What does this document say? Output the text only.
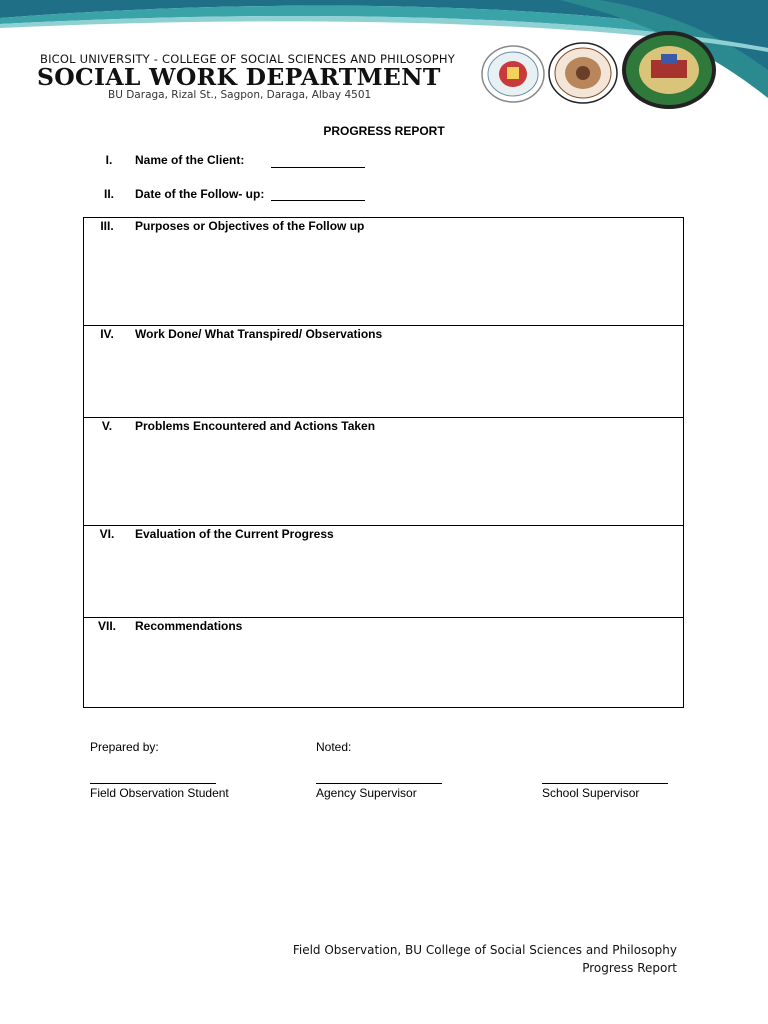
BICOL UNIVERSITY - COLLEGE OF SOCIAL SCIENCES AND PHILOSOPHY
SOCIAL WORK DEPARTMENT
BU Daraga, Rizal St., Sagpon, Daraga, Albay 4501
PROGRESS REPORT
I.	Name of the Client:
II.	Date of the Follow- up:
III.	Purposes or Objectives of the Follow up
IV.	Work Done/ What Transpired/ Observations
V.	Problems Encountered and Actions Taken
VI.	Evaluation of the Current Progress
VII.	Recommendations
Prepared by:	Noted:
Field Observation Student	Agency Supervisor	School Supervisor
Field Observation, BU College of Social Sciences and Philosophy
Progress Report
